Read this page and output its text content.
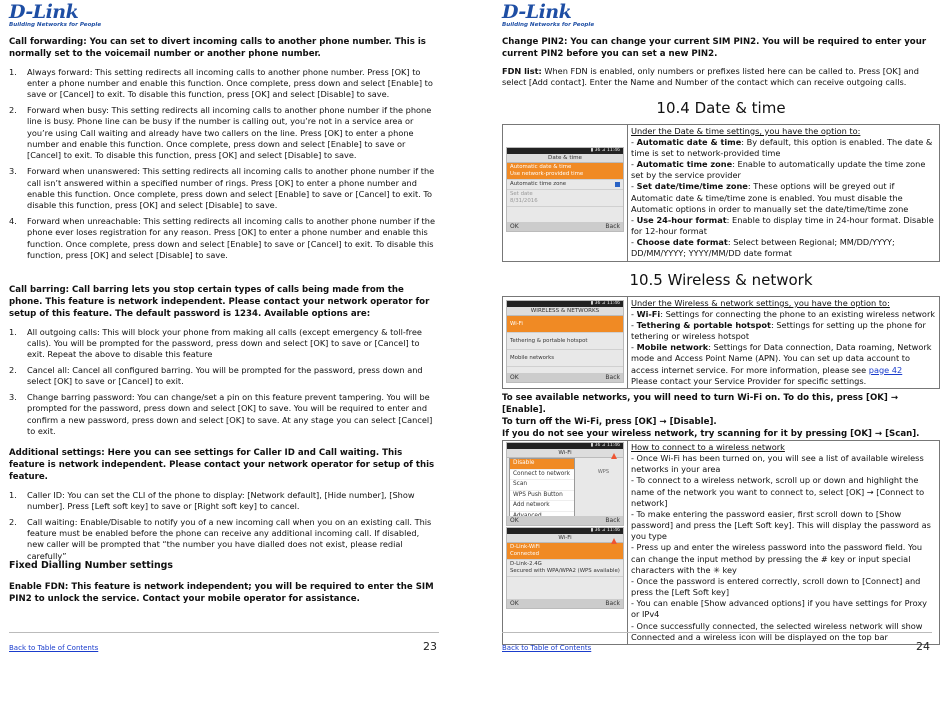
D-Link
Building Networks for People

Call forwarding: You can set to divert incoming calls to another phone number. This is normally set to the voicemail number or another phone number.

1. Always forward: This setting redirects all incoming calls to another phone number. Press [OK] to enter a phone number and enable this function. Once complete, press down and select [Enable] to save or [Cancel] to exit. To disable this function, press [OK] and select [Disable] to save.
2. Forward when busy: This setting redirects all incoming calls to another phone number if the phone line is busy. Phone line can be busy if the number is calling out, you’re not in a service area or you’re using Call waiting and already have two callers on the line. Press [OK] to enter a phone number and enable this function. Once complete, press down and select [Enable] to save or [Cancel] to exit. To disable this function, press [OK] and select [Disable] to save.
3. Forward when unanswered: This setting redirects all incoming calls to another phone number if the call isn’t answered within a specified number of rings. Press [OK] to enter a phone number and enable this function. Once complete, press down and select [Enable] to save or [Cancel] to exit. To disable this function, press [OK] and select [Disable] to save.
4. Forward when unreachable: This setting redirects all incoming calls to another phone number if the phone ever loses registration for any reason. Press [OK] to enter a phone number and enable this function. Once complete, press down and select [Enable] to save or [Cancel] to exit. To disable this function, press [OK] and select [Disable] to save.

Call barring: Call barring lets you stop certain types of calls being made from the phone. This feature is network independent. Please contact your network operator for setup of this feature. The default password is 1234. Available options are:

1. All outgoing calls: This will block your phone from making all calls (except emergency & toll-free calls). You will be prompted for the password, press down and select [OK] to save or [Cancel] to exit. Repeat the above to disable this feature
2. Cancel all: Cancel all configured barring. You will be prompted for the password, press down and select [OK] to save or [Cancel] to exit.
3. Change barring password: You can change/set a pin on this feature prevent tampering. You will be prompted for the password, press down and select [OK] to save. You will be required to enter and confirm a new password, press down and select [OK] to save. At any stage you can select [Cancel] to exit.

Additional settings: Here you can see settings for Caller ID and Call waiting. This feature is network independent. Please contact your network operator for setup of this feature.

1. Caller ID: You can set the CLI of the phone to display: [Network default], [Hide number], [Show number]. Press [Left soft key] to save or [Right soft key] to cancel.
2. Call waiting: Enable/Disable to notify you of a new incoming call when you on an existing call. This feature must be enabled before the phone can receive any additional incoming call. If disabled, new caller will be prompted that “the number you have dialled does not exist, please redial carefully”

Fixed Dialling Number settings

Enable FDN: This feature is network independent; you will be required to enter the SIM PIN2 to unlock the service. Contact your mobile operator for assistance.

Back to Table of Contents	23
D-Link
Building Networks for People

Change PIN2: You can change your current SIM PIN2. You will be required to enter your current PIN2 before you can set a new PIN2.

FDN list: When FDN is enabled, only numbers or prefixes listed here can be called to. Press [OK] and select [Add contact]. Enter the Name and Number of the contact which can receive outgoing calls.

10.4 Date & time
▮ 36 ⊿ 11:46
Date & time
Automatic date & time
Use network-provided time
Automatic time zone
Set date
8/31/2016
OK	Back

Under the Date & time settings, you have the option to:
- Automatic date & time: By default, this option is enabled. The date & time is set to network-provided time
- Automatic time zone: Enable to automatically update the time zone set by the service provider
- Set date/time/time zone: These options will be greyed out if Automatic date & time/time zone is enabled. You must disable the Automatic options in order to manually set the date/time/time zone
- Use 24-hour format: Enable to display time in 24-hour format. Disable for 12-hour format
- Choose date format: Select between Regional; MM/DD/YYYY; DD/MM/YYYY; YYYY/MM/DD date format
10.5 Wireless & network
▮ 36 ⊿ 11:46
WIRELESS & NETWORKS
Wi-Fi
Tethering & portable hotspot
Mobile networks
OK	Back

Under the Wireless & network settings, you have the option to:
- Wi-Fi: Settings for connecting the phone to an existing wireless network
- Tethering & portable hotspot: Settings for setting up the phone for tethering or wireless hotspot
- Mobile network: Settings for Data connection, Data roaming, Network mode and Access Point Name (APN). You can set up data account to access internet service. For more information, please see page 42
Please contact your Service Provider for specific settings.

To see available networks, you will need to turn Wi-Fi on. To do this, press [OK] → [Enable].

To turn off the Wi-Fi, press [OK] → [Disable].

If you do not see your wireless network, try scanning for it by pressing [OK] → [Scan].

▮ 36 ⊿ 11:46
Wi-Fi
WPS
Disable
Connect to network
Scan
WPS Push Button
Add network
OK	Back
▮ 36 ⊿ 11:46
Wi-Fi
D-Link-WiFi
Connected
D-Link-2.4G
Secured with WPA/WPA2 (WPS available)
OK	Back

How to connect to a wireless network
- Once Wi-Fi has been turned on, you will see a list of available wireless networks in your area
- To connect to a wireless network, scroll up or down and highlight the name of the network you want to connect to, select [OK] → [Connect to network]
- To make entering the password easier, first scroll down to [Show password] and press the [Left Soft key]. This will display the password as you type
- Press up and enter the wireless password into the password field. You can change the input method by pressing the # key or input special characters with the ✳ key
- Once the password is entered correctly, scroll down to [Connect] and press the [Left Soft key]
- You can enable [Show advanced options] if you have settings for Proxy or IPv4
- Once successfully connected, the selected wireless network will show Connected and a wireless icon will be displayed on the top bar
Back to Table of Contents	24
